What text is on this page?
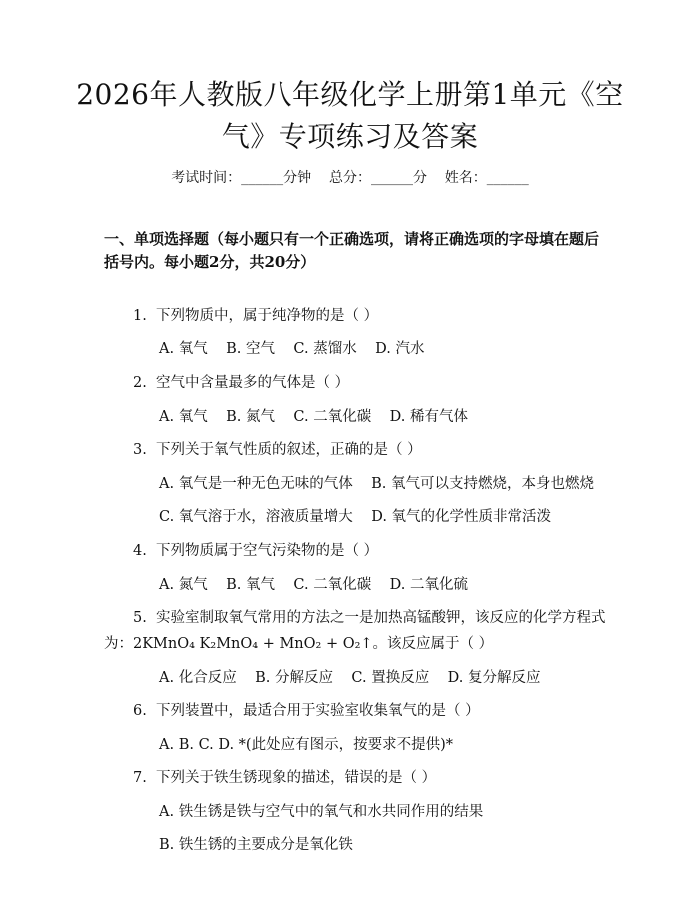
2026年人教版八年级化学上册第1单元《空
气》专项练习及答案
考试时间：______分钟    总分：______分    姓名：______
一、单项选择题（每小题只有一个正确选项，请将正确选项的字母填在题后括号内。每小题2分，共20分）
1.  下列物质中，属于纯净物的是（ ）
A. 氧气    B. 空气    C. 蒸馏水    D. 汽水
2.  空气中含量最多的气体是（ ）
A. 氧气    B. 氮气    C. 二氧化碳    D. 稀有气体
3.  下列关于氧气性质的叙述，正确的是（ ）
A. 氧气是一种无色无味的气体    B. 氧气可以支持燃烧，本身也燃烧
C. 氧气溶于水，溶液质量增大    D. 氧气的化学性质非常活泼
4.  下列物质属于空气污染物的是（ ）
A. 氮气    B. 氧气    C. 二氧化碳    D. 二氧化硫
5.  实验室制取氧气常用的方法之一是加热高锰酸钾，该反应的化学方程式
为：2KMnO₄ K₂MnO₄ + MnO₂ + O₂↑。该反应属于（ ）
A. 化合反应    B. 分解反应    C. 置换反应    D. 复分解反应
6.  下列装置中，最适合用于实验室收集氧气的是（ ）
A. B. C. D. *(此处应有图示，按要求不提供)*
7.  下列关于铁生锈现象的描述，错误的是（ ）
A. 铁生锈是铁与空气中的氧气和水共同作用的结果
B. 铁生锈的主要成分是氧化铁
